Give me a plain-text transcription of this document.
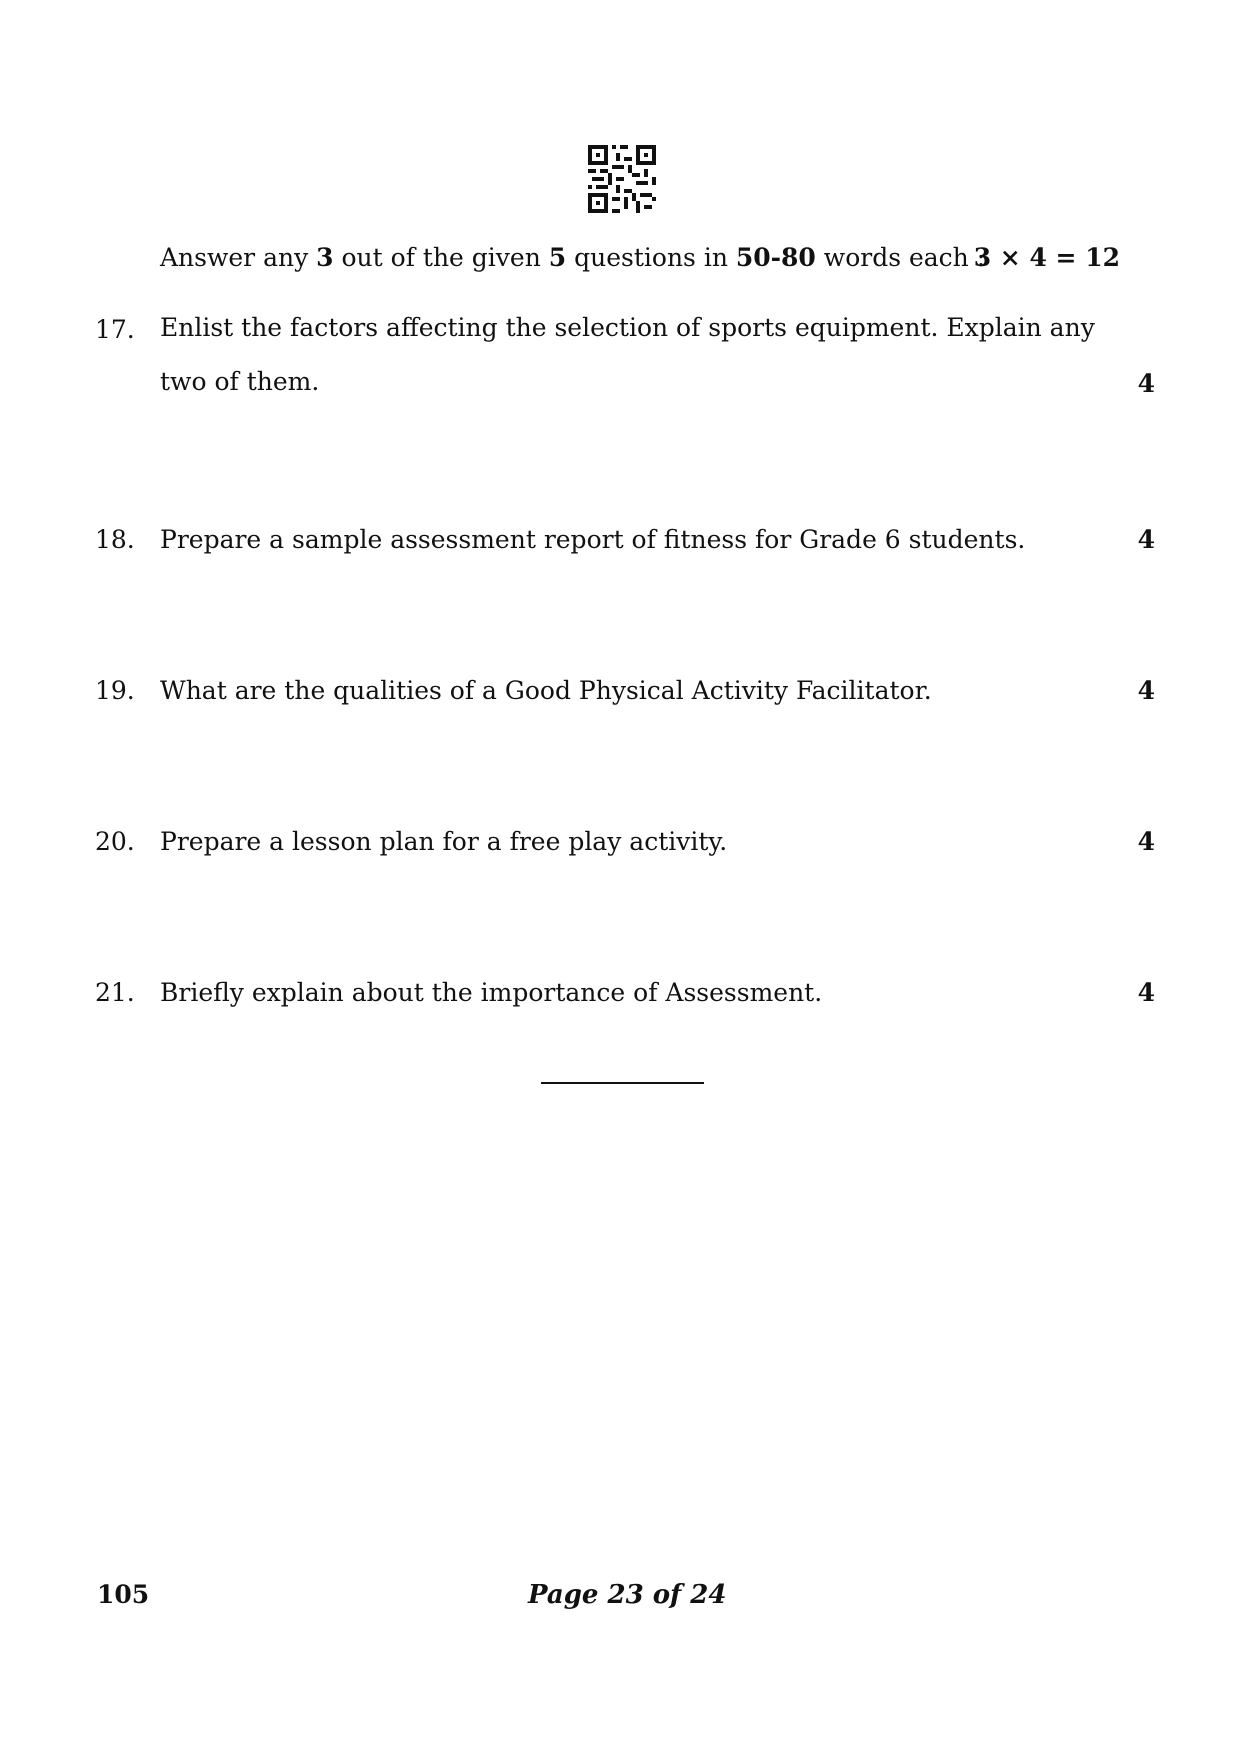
Answer any 3 out of the given 5 questions in 50-80 words each :
3 × 4 = 12
17.	Enlist the factors affecting the selection of sports equipment. Explain any two of them.	4
18.	Prepare a sample assessment report of fitness for Grade 6 students.	4
19.	What are the qualities of a Good Physical Activity Facilitator.	4
20.	Prepare a lesson plan for a free play activity.	4
21.	Briefly explain about the importance of Assessment.	4
105	Page 23 of 24
